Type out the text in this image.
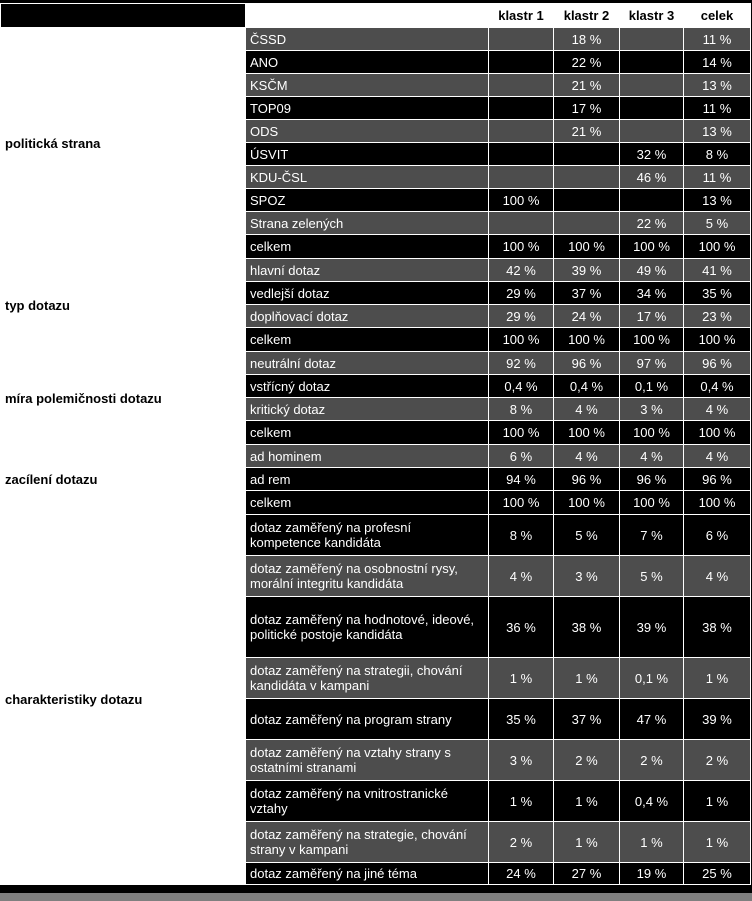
		klastr 1	klastr 2	klastr 3	celek
politická strana	ČSSD		18 %		11 %
	ANO		22 %		14 %
	KSČM		21 %		13 %
	TOP09		17 %		11 %
	ODS		21 %		13 %
	ÚSVIT			32 %	8 %
	KDU-ČSL			46 %	11 %
	SPOZ	100 %			13 %
	Strana zelených			22 %	5 %
	celkem	100 %	100 %	100 %	100 %
typ dotazu	hlavní dotaz	42 %	39 %	49 %	41 %
	vedlejší dotaz	29 %	37 %	34 %	35 %
	doplňovací dotaz	29 %	24 %	17 %	23 %
	celkem	100 %	100 %	100 %	100 %
míra polemičnosti dotazu	neutrální dotaz	92 %	96 %	97 %	96 %
	vstřícný dotaz	0,4 %	0,4 %	0,1 %	0,4 %
	kritický dotaz	8 %	4 %	3 %	4 %
	celkem	100 %	100 %	100 %	100 %
zacílení dotazu	ad hominem	6 %	4 %	4 %	4 %
	ad rem	94 %	96 %	96 %	96 %
	celkem	100 %	100 %	100 %	100 %
charakteristiky dotazu	dotaz zaměřený na profesní kompetence kandidáta	8 %	5 %	7 %	6 %
	dotaz zaměřený na osobnostní rysy, morální integritu kandidáta	4 %	3 %	5 %	4 %
	dotaz zaměřený na hodnotové, ideové, politické postoje kandidáta	36 %	38 %	39 %	38 %
	dotaz zaměřený na strategii, chování kandidáta v kampani	1 %	1 %	0,1 %	1 %
	dotaz zaměřený na program strany	35 %	37 %	47 %	39 %
	dotaz zaměřený na vztahy strany s ostatními stranami	3 %	2 %	2 %	2 %
	dotaz zaměřený na vnitrostranické vztahy	1 %	1 %	0,4 %	1 %
	dotaz zaměřený na strategie, chování strany v kampani	2 %	1 %	1 %	1 %
	dotaz zaměřený na jiné téma	24 %	27 %	19 %	25 %
